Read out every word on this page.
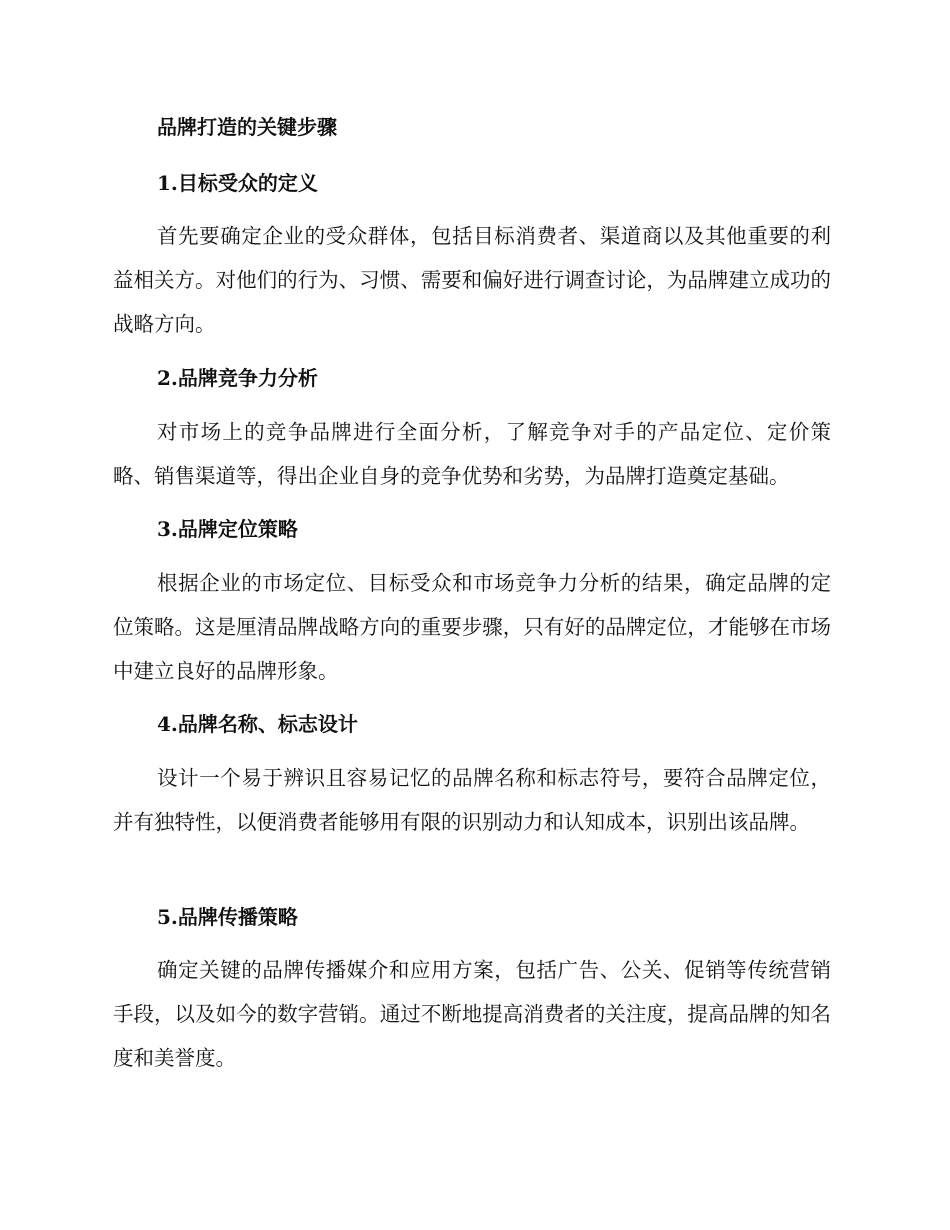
品牌打造的关键步骤
1.目标受众的定义

首先要确定企业的受众群体，包括目标消费者、渠道商以及其他重要的利益相关方。对他们的行为、习惯、需要和偏好进行调查讨论，为品牌建立成功的战略方向。

2.品牌竞争力分析

对市场上的竞争品牌进行全面分析，了解竞争对手的产品定位、定价策略、销售渠道等，得出企业自身的竞争优势和劣势，为品牌打造奠定基础。

3.品牌定位策略

根据企业的市场定位、目标受众和市场竞争力分析的结果，确定品牌的定位策略。这是厘清品牌战略方向的重要步骤，只有好的品牌定位，才能够在市场中建立良好的品牌形象。

4.品牌名称、标志设计

设计一个易于辨识且容易记忆的品牌名称和标志符号，要符合品牌定位，并有独特性，以便消费者能够用有限的识别动力和认知成本，识别出该品牌。

5.品牌传播策略

确定关键的品牌传播媒介和应用方案，包括广告、公关、促销等传统营销手段，以及如今的数字营销。通过不断地提高消费者的关注度，提高品牌的知名度和美誉度。
